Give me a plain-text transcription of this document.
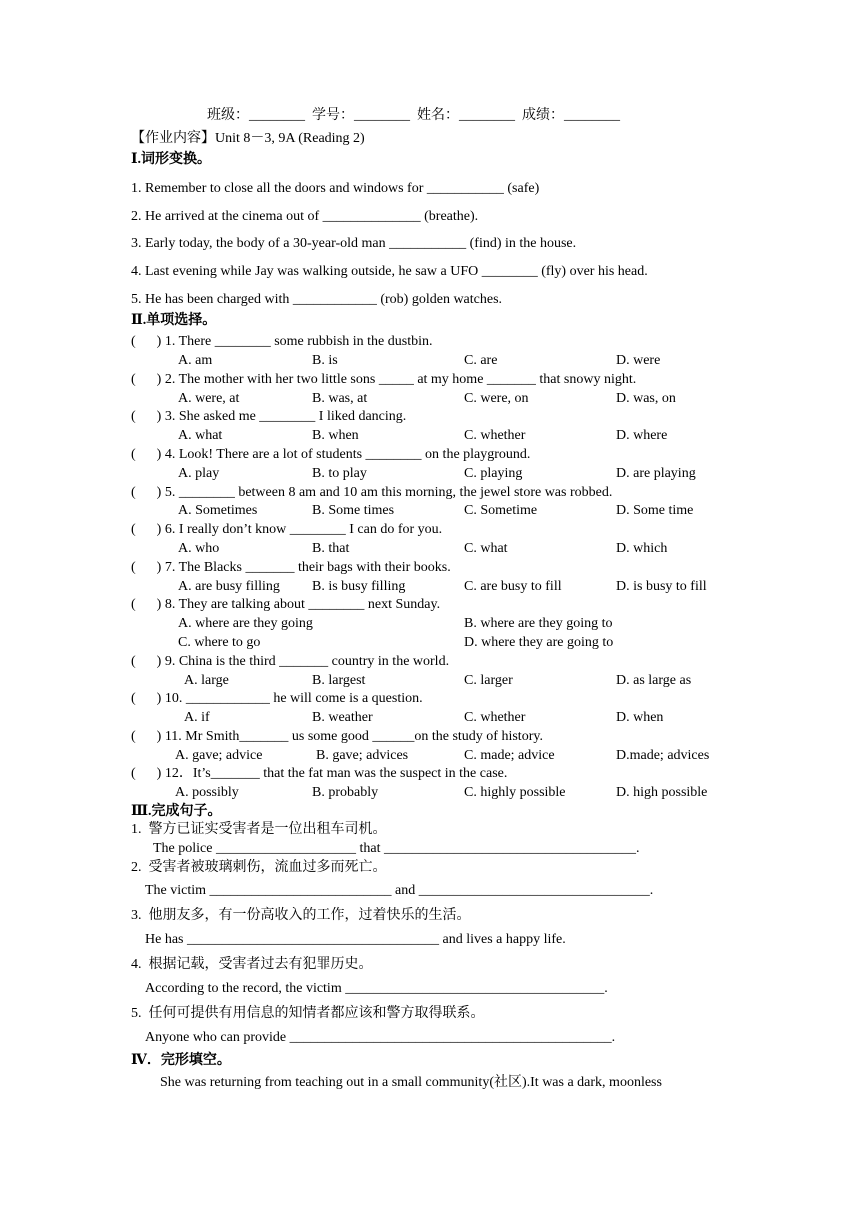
班级：________  学号：________  姓名：________  成绩：________
【作业内容】Unit 8－3, 9A (Reading 2)
Ⅰ.词形变换。
1. Remember to close all the doors and windows for ___________ (safe)
2. He arrived at the cinema out of ______________ (breathe).
3. Early today, the body of a 30-year-old man ___________ (find) in the house.
4. Last evening while Jay was walking outside, he saw a UFO ________ (fly) over his head.
5. He has been charged with ____________ (rob) golden watches.
Ⅱ.单项选择。
(      ) 1. There ________ some rubbish in the dustbin.
A. am	B. is	C. are	D. were
(      ) 2. The mother with her two little sons _____ at my home _______ that snowy night.
A. were, at	B. was, at	C. were, on	D. was, on
(      ) 3. She asked me ________ I liked dancing.
A. what	B. when	C. whether	D. where
(      ) 4. Look! There are a lot of students ________ on the playground.
A. play	B. to play	C. playing	D. are playing
(      ) 5. ________ between 8 am and 10 am this morning, the jewel store was robbed.
A. Sometimes	B. Some times	C. Sometime	D. Some time
(      ) 6. I really don’t know ________ I can do for you.
A. who	B. that	C. what	D. which
(      ) 7. The Blacks _______ their bags with their books.
A. are busy filling B. is busy filling	C. are busy to fill	D. is busy to fill
(      ) 8. They are talking about ________ next Sunday.
A. where are they going	B. where are they going to
C. where to go	D. where they are going to
(      ) 9. China is the third _______ country in the world.
A. large	B. largest	C. larger	D. as large as
(      ) 10. ____________ he will come is a question.
A. if	B. weather	C. whether	D. when
(      ) 11. Mr Smith_______ us some good ______on the study of history.
A. gave; advice	B. gave; advices	C. made; advice	D.made; advices
(      ) 12．It’s_______ that the fat man was the suspect in the case.
A. possibly	B. probably	C. highly possible	D. high possible
Ⅲ.完成句子。
1.  警方已证实受害者是一位出租车司机。
The police ____________________ that ____________________________________.
2.  受害者被玻璃刺伤，流血过多而死亡。
The victim __________________________ and _________________________________.
3.  他朋友多，有一份高收入的工作，过着快乐的生活。
He has ____________________________________ and lives a happy life.
4.  根据记载，受害者过去有犯罪历史。
According to the record, the victim _____________________________________.
5.  任何可提供有用信息的知情者都应该和警方取得联系。
Anyone who can provide ______________________________________________.
Ⅳ．完形填空。
She was returning from teaching out in a small community(社区).It was a dark, moonless
